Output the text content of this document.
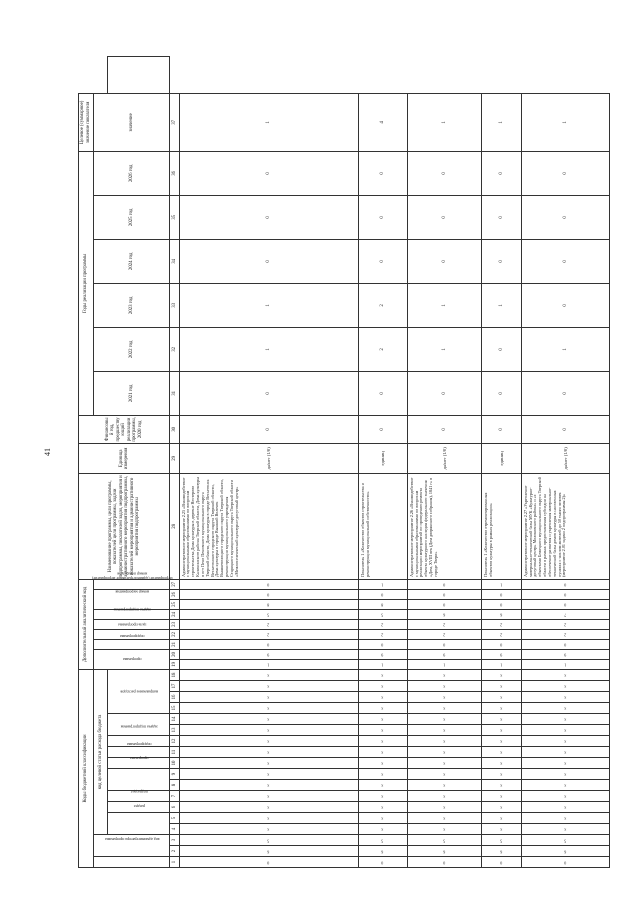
41
Коды бюджетной классификации																		Дополнительный аналитический код									Наименование программы, цели программы, показателей цели программы, задачи подпрограммы, показателей задач, мероприятия и административного мероприятия подпрограммы, показателей мероприятия и административного мероприятия подпрограммы	Единица измерения	Финансовый год, предшествующий реализации программы, 2020 год	Годы реализации программы						Целевое (суммарное) значение показателя	
код администратора программы			код целевой статьи расхода бюджета															программа		подпрограмма	цель программы	задача подпрограммы	мероприятие (административное мероприятие)	номер мероприятия		номер показателя				2021 год	2022 год	2023 год	2024 год	2025 год	2026 год	значение	
					раздел	подраздел			программа	подпрограмма	задача подпрограммы			направление расходов																							
1	2	3	4	5	6	7	8	9	10	11	12	13	14	15	16	17	18	19	20	21	22	23	24	25	26	27	28	29	30	31	32	33	34	35	36	37	
0	6	5	x	x	x	x	x	x	x	x	x	x	x	x	x	x	x	1	9	0	2	2	5	8	0	0	Административное мероприятие 2.25 «Взаимодействие с муниципальными образованиями по вопросам строительства Дома культуры в деревне Нестерово Калининского района Тверской области, Дома культуры в пгт Пено Пеновского муниципального округа Тверской области, Дома культуры в городе Весьегонск Весьегонского городского округа Тверской области, Дома культуры в городе Вышний Волочек Вышневолоцкого городского округа Тверской области, реконструкции муниципального учреждения Старицкого муниципального округа Тверской области «Межпоселенческий культурно-досуговый центр»	да/нет (1/0)	0	0	1	1	0	0	0	1	
0	6	5	x	x	x	x	x	x	x	x	x	x	x	x	x	x	x	1	9	0	2	2	5	8	0	1	Показатель 1 «Количество объектов строительства и реконструкции муниципальной собственности»	единиц	0	0	2	2	0	0	0	4	
0	6	5	x	x	x	x	x	x	x	x	x	x	x	x	x	x	x	1	9	0	2	2	6	0	0	0	Административное мероприятие 2.26 «Взаимодействие с муниципальными образованиями по вопросам реализации мероприятий по проведению ремонта объекта культурного наследия федерального значения «Дом, XVIII век (Дом дворянского собрания), 1841 г» в городе Твери»	да/нет (1/0)	0	0	1	1	0	0	0	1	
0	6	5	x	x	x	x	x	x	x	x	x	x	x	x	x	x	x	1	9	0	2	2	6	0	0	1	Показатель 1 «Количество отремонтированных объектов культуры в рамках реализации»	единиц	0	0	0	1	0	0	0	1	
0	6	5	x	x	x	x	x	x	x	x	x	x	x	x	x	x	x	1	9	0	2	2	7	0	0	0	Административное мероприятие 2.27 «Укрепление материально-технической базы МУК «Культурно-досуговый центр» Молоковского района» и «с объектами Бежецкого муниципального округа Тверской области в рамках предоставления субсидии на обеспечение развития и укрепления материально-технической базы домов культуры в населенных пунктах с числом жителей до 50 тысяч человек (мероприятие 2.01 задачи 2 подпрограммы 2)»	да/нет (1/0)	0	0	1	0	0	0	0	1	
